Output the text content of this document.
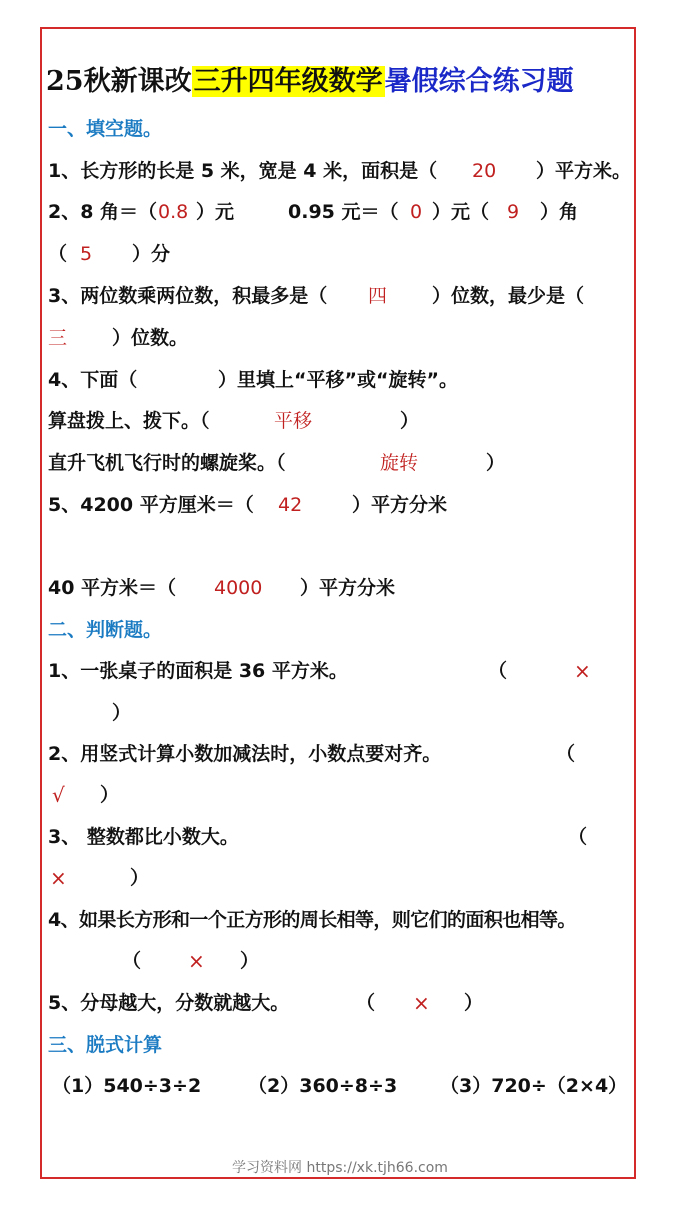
25秋新课改三升四年级数学暑假综合练习题
一、填空题。
1、长方形的长是 5 米，宽是 4 米，面积是（ 20 ）平方米。
2、8 角＝（ 0.8 ）元	0.95 元＝（ 0 ）元（ 9 ）角
（ 5 ）分
3、两位数乘两位数，积最多是（ 四 ）位数，最少是（
三 ）位数。
4、下面（	）里填上“平移”或“旋转”。
算盘拨上、拨下。（	平移	）
直升飞机飞行时的螺旋桨。（	旋转	）
5、4200 平方厘米＝（ 42	）平方分米
40 平方米＝（ 4000 ）平方分米
二、判断题。
1、一张桌子的面积是 36 平方米。	（	×
）
2、用竖式计算小数加减法时，小数点要对齐。	（
√ ）
3、 整数都比小数大。	（
×	）
4、如果长方形和一个正方形的周长相等，则它们的面积也相等。
（ × ）
5、分母越大，分数就越大。	（ × ）
三、脱式计算
（1）540÷3÷2 （2）360÷8÷3 （3）720÷（2×4）
学习资料网 https://xk.tjh66.com
